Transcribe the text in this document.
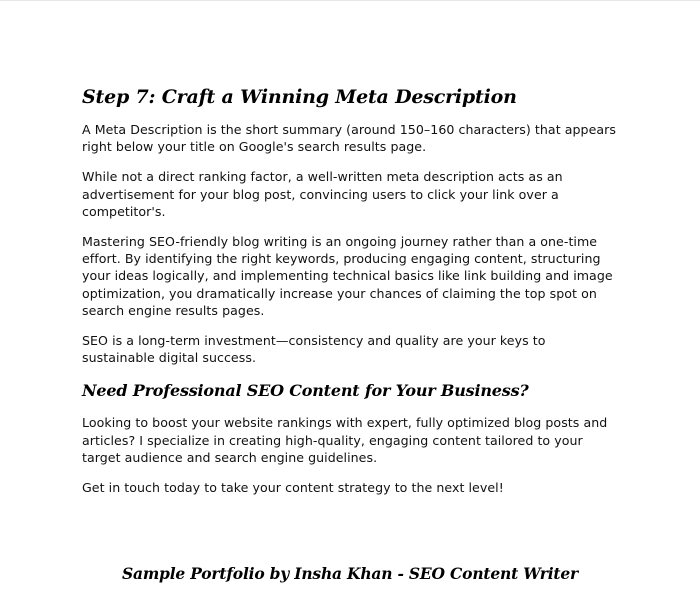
Step 7: Craft a Winning Meta Description

A Meta Description is the short summary (around 150–160 characters) that appears right below your title on Google's search results page.

While not a direct ranking factor, a well-written meta description acts as an advertisement for your blog post, convincing users to click your link over a competitor's.

Mastering SEO-friendly blog writing is an ongoing journey rather than a one-time effort. By identifying the right keywords, producing engaging content, structuring your ideas logically, and implementing technical basics like link building and image optimization, you dramatically increase your chances of claiming the top spot on search engine results pages.

SEO is a long-term investment—consistency and quality are your keys to sustainable digital success.

Need Professional SEO Content for Your Business?

Looking to boost your website rankings with expert, fully optimized blog posts and articles? I specialize in creating high-quality, engaging content tailored to your target audience and search engine guidelines.

Get in touch today to take your content strategy to the next level!

Sample Portfolio by Insha Khan - SEO Content Writer
